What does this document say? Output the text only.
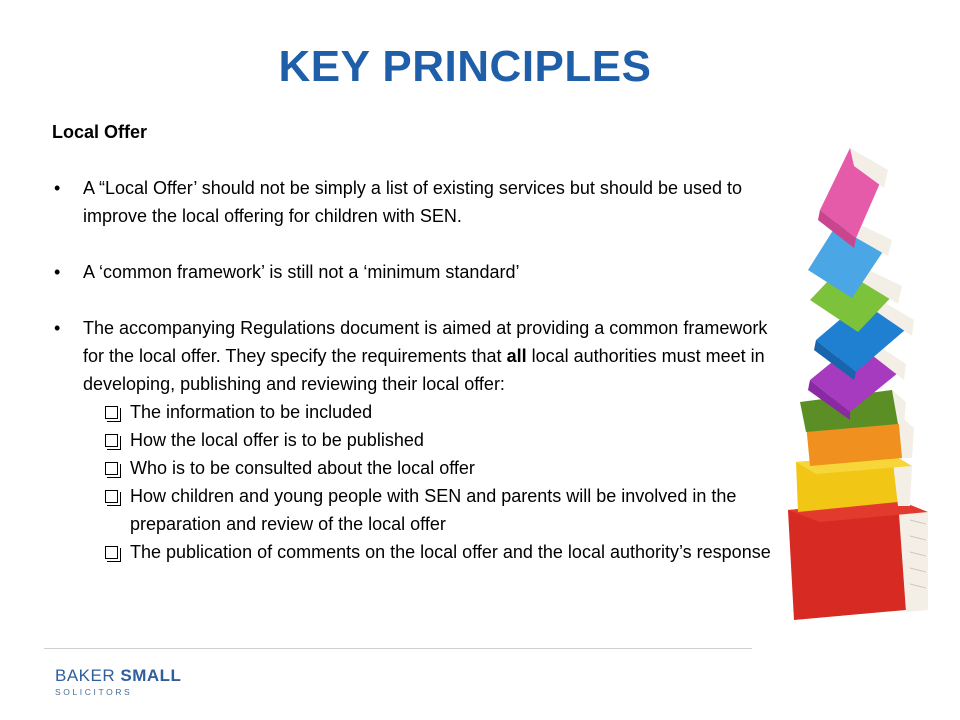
KEY PRINCIPLES
Local Offer
• A “Local Offer’ should not be simply a list of existing services but should be used to improve the local offering for children with SEN.
• A ‘common framework’ is still not a ‘minimum standard’
• The accompanying Regulations document is aimed at providing a common framework for the local offer. They specify the requirements that all local authorities must meet in developing, publishing and reviewing their local offer:
The information to be included
How the local offer is to be published
Who is to be consulted about the local offer
How children and young people with SEN and parents will be involved in the preparation and review of the local offer
The publication of comments on the local offer and the local authority’s response
BAKER SMALL
SOLICITORS
